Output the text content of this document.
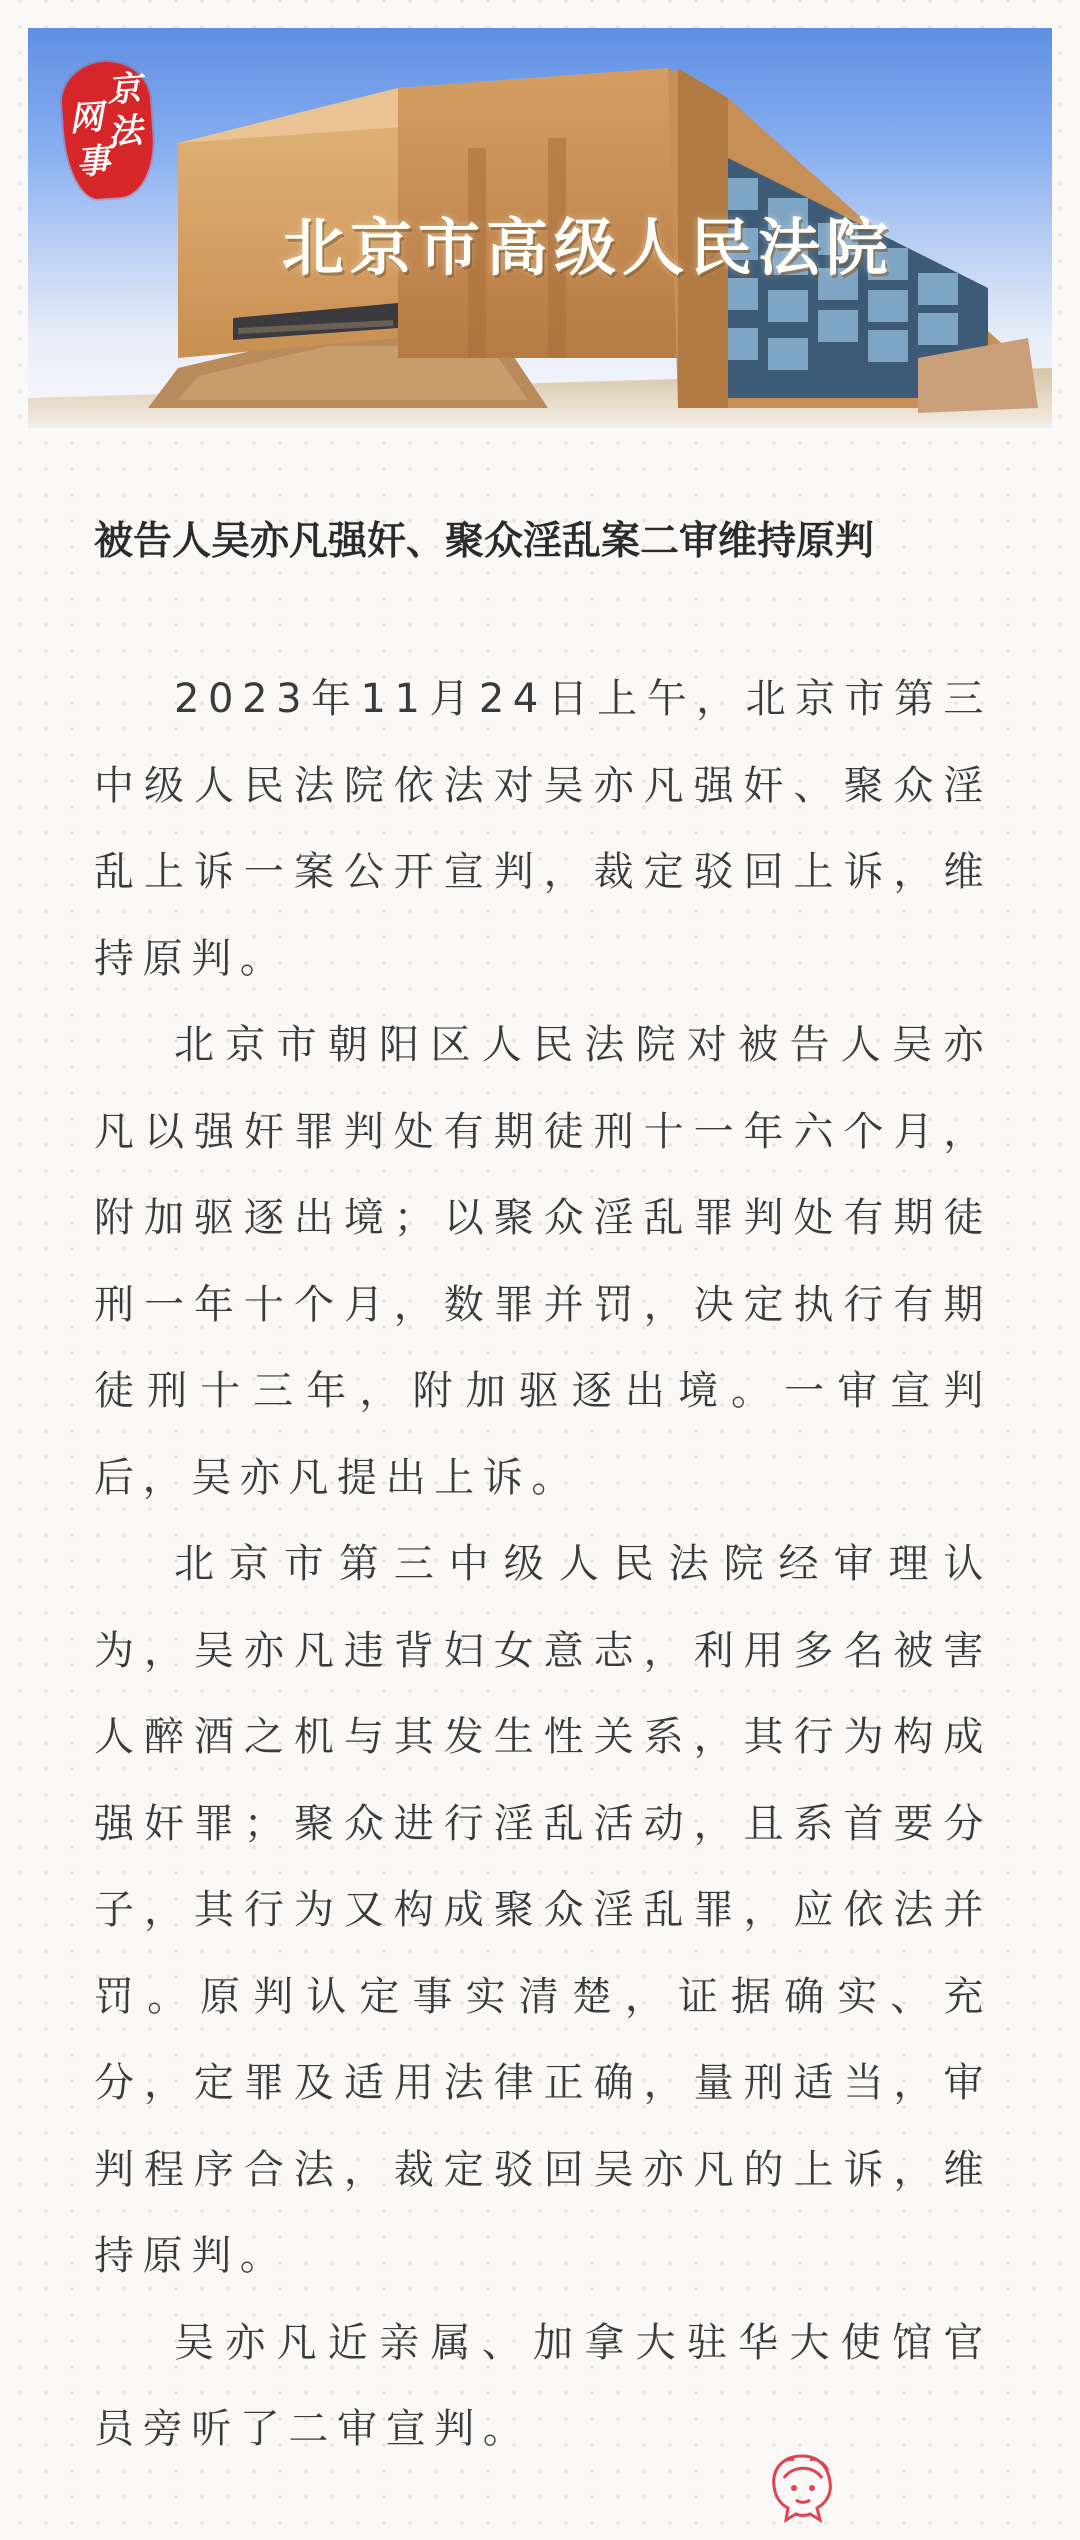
京
法
网
事
北京市高级人民法院
被告人吴亦凡强奸、聚众淫乱案二审维持原判

2023年11月24日上午，北京市第三中级人民法院依法对吴亦凡强奸、聚众淫乱上诉一案公开宣判，裁定驳回上诉，维持原判。

北京市朝阳区人民法院对被告人吴亦凡以强奸罪判处有期徒刑十一年六个月，附加驱逐出境；以聚众淫乱罪判处有期徒刑一年十个月，数罪并罚，决定执行有期徒刑十三年，附加驱逐出境。一审宣判后，吴亦凡提出上诉。

北京市第三中级人民法院经审理认为，吴亦凡违背妇女意志，利用多名被害人醉酒之机与其发生性关系，其行为构成强奸罪；聚众进行淫乱活动，且系首要分子，其行为又构成聚众淫乱罪，应依法并罚。原判认定事实清楚，证据确实、充分，定罪及适用法律正确，量刑适当，审判程序合法，裁定驳回吴亦凡的上诉，维持原判。

吴亦凡近亲属、加拿大驻华大使馆官员旁听了二审宣判。
